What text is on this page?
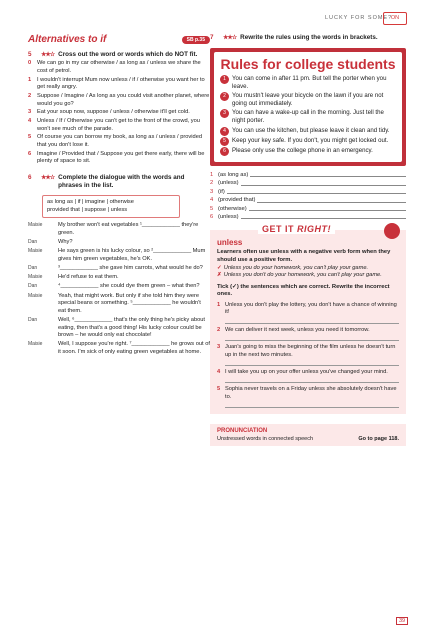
LUCKY FOR SOME?
ON
Alternatives to if	SB p.35
5	★★☆ Cross out the word or words which do NOT fit.
0	We can go in my car otherwise / as long as / unless we share the cost of petrol.
1	I wouldn't interrupt Mum now unless / if / otherwise you want her to get really angry.
2	Suppose / Imagine / As long as you could visit another planet, where would you go?
3	Eat your soup now, suppose / unless / otherwise it'll get cold.
4	Unless / If / Otherwise you can't get to the front of the crowd, you won't see much of the parade.
5	Of course you can borrow my book, as long as / unless / provided that you don't lose it.
6	Imagine / Provided that / Suppose you get there early, there will be plenty of space to sit.
6	★★☆ Complete the dialogue with the words and phrases in the list.
as long as | if | imagine | otherwise
provided that | suppose | unless
Maisie	My brother won't eat vegetables ¹____________ they're green.
Dan	Why?
Maisie	He says green is his lucky colour, so ²____________ Mum gives him green vegetables, he's OK.
Dan	³____________ she gave him carrots, what would he do?
Maisie	He'd refuse to eat them.
Dan	⁴____________ she could dye them green – what then?
Maisie	Yeah, that might work. But only if she told him they were special beans or something. ⁵____________ he wouldn't eat them.
Dan	Well, ⁶____________ that's the only thing he's picky about eating, then that's a good thing! His lucky colour could be brown – he would only eat chocolate!
Maisie	Well, I suppose you're right. ⁷____________ he grows out of it soon. I'm sick of only eating green vegetables at home.
7	★★☆ Rewrite the rules using the words in brackets.
Rules for college students
1	You can come in after 11 pm. But tell the porter when you leave.
2	You mustn't leave your bicycle on the lawn if you are not going out immediately.
3	You can have a wake-up call in the morning. Just tell the night porter.
4	You can use the kitchen, but please leave it clean and tidy.
5	Keep your key safe. If you don't, you might get locked out.
6	Please only use the college phone in an emergency.
1 (as long as)
2 (unless)
3 (if)
4 (provided that)
5 (otherwise)
6 (unless)
GET IT RIGHT!
unless

Learners often use unless with a negative verb form when they should use a positive form.

✓ Unless you do your homework, you can't play your game.
✗ Unless you don't do your homework, you can't play your game.

Tick (✓) the sentences which are correct. Rewrite the incorrect ones.

1 Unless you don't play the lottery, you don't have a chance of winning it!
2 We can deliver it next week, unless you need it tomorrow.
3 Juan's going to miss the beginning of the film unless he doesn't turn up in the next two minutes.
4 I will take you up on your offer unless you've changed your mind.
5 Sophia never travels on a Friday unless she absolutely doesn't have to.
PRONUNCIATION
Unstressed words in connected speech	Go to page 118.
39
